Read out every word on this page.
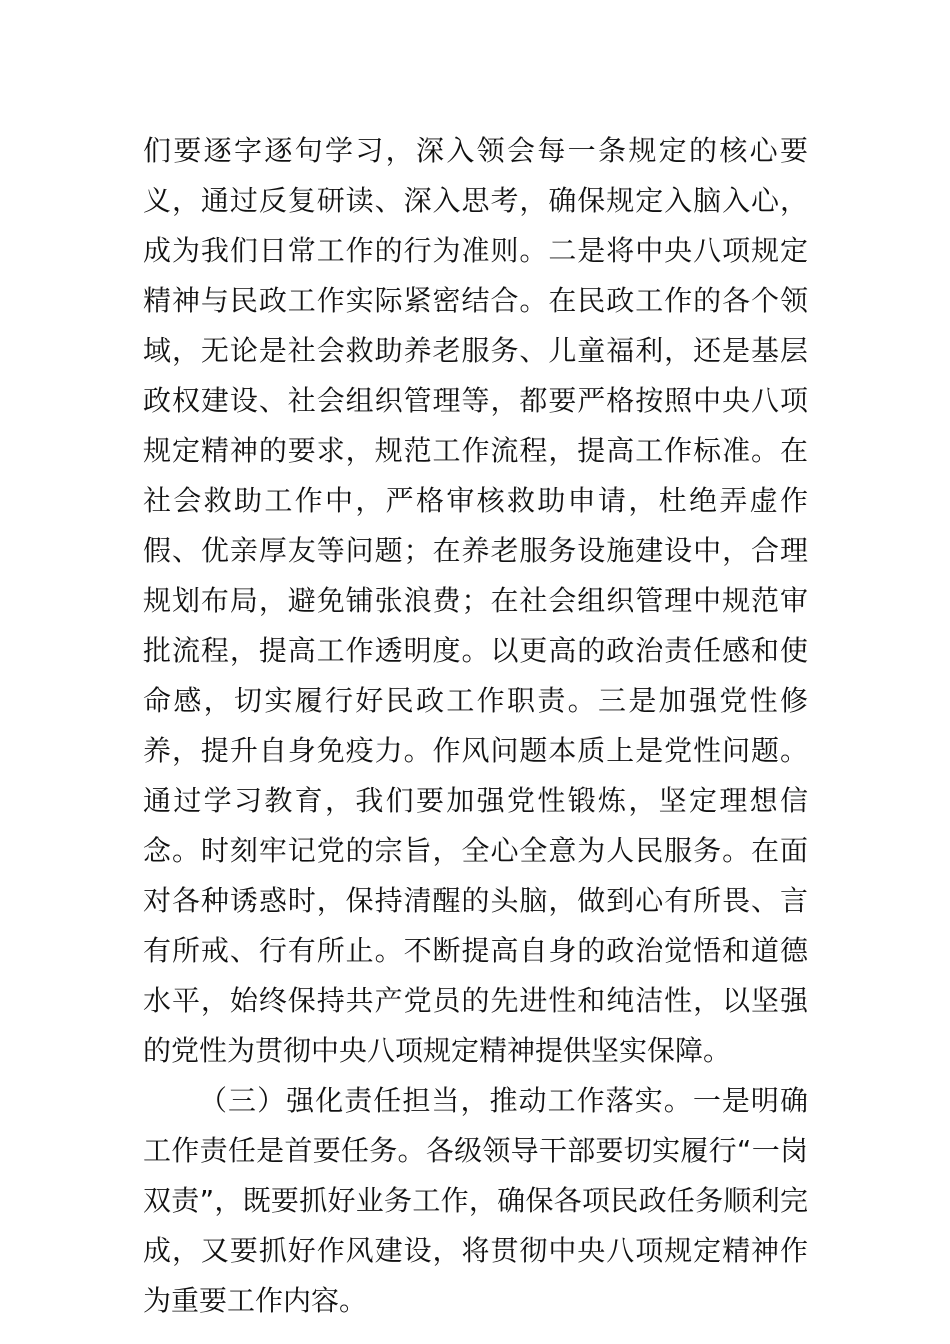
们要逐字逐句学习，深入领会每一条规定的核心要义，通过反复研读、深入思考，确保规定入脑入心，成为我们日常工作的行为准则。二是将中央八项规定精神与民政工作实际紧密结合。在民政工作的各个领域，无论是社会救助养老服务、儿童福利，还是基层政权建设、社会组织管理等，都要严格按照中央八项规定精神的要求，规范工作流程，提高工作标准。在社会救助工作中，严格审核救助申请，杜绝弄虚作假、优亲厚友等问题；在养老服务设施建设中，合理规划布局，避免铺张浪费；在社会组织管理中规范审批流程，提高工作透明度。以更高的政治责任感和使命感，切实履行好民政工作职责。三是加强党性修养，提升自身免疫力。作风问题本质上是党性问题。通过学习教育，我们要加强党性锻炼，坚定理想信念。时刻牢记党的宗旨，全心全意为人民服务。在面对各种诱惑时，保持清醒的头脑，做到心有所畏、言有所戒、行有所止。不断提高自身的政治觉悟和道德水平，始终保持共产党员的先进性和纯洁性，以坚强的党性为贯彻中央八项规定精神提供坚实保障。

（三）强化责任担当，推动工作落实。一是明确工作责任是首要任务。各级领导干部要切实履行“一岗双责”，既要抓好业务工作，确保各项民政任务顺利完成，又要抓好作风建设，将贯彻中央八项规定精神作为重要工作内容。
